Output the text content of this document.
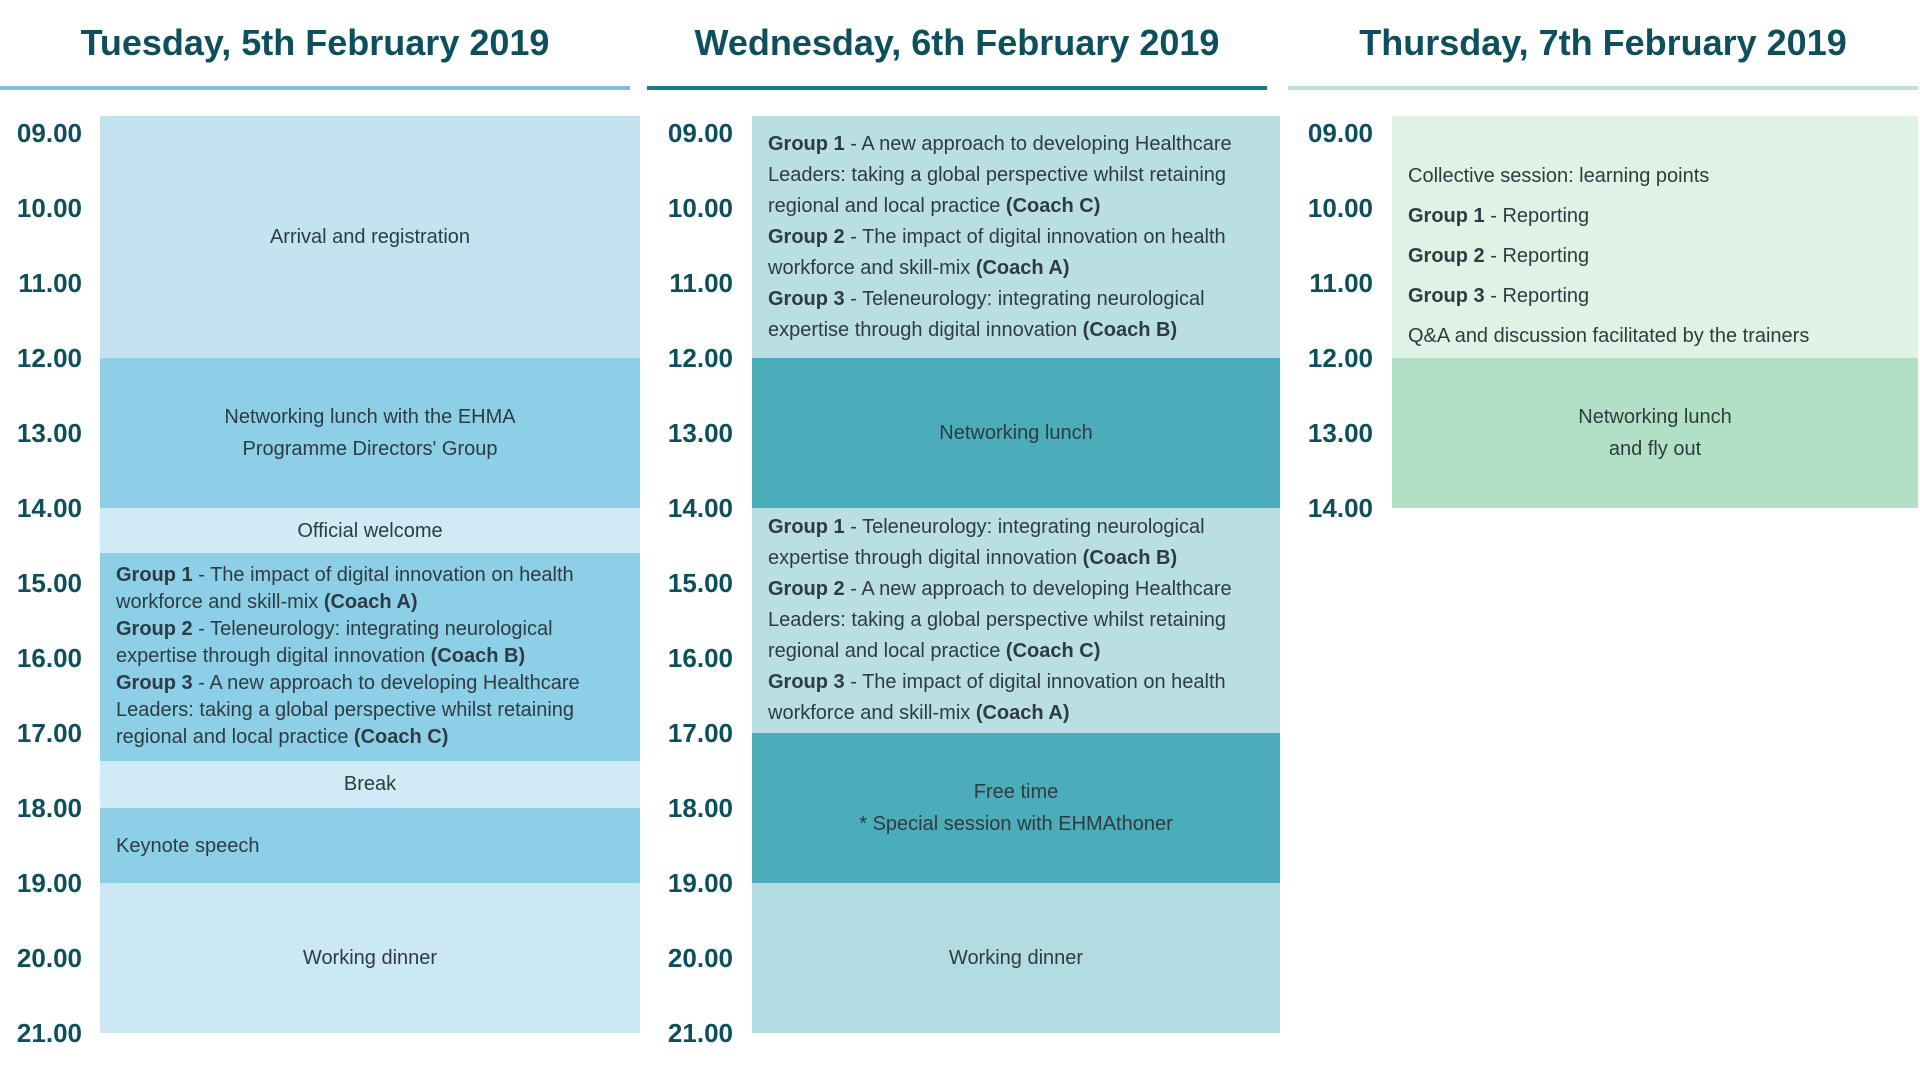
Tuesday, 5th February 2019
09.00
10.00
11.00
12.00
13.00
14.00
15.00
16.00
17.00
18.00
19.00
20.00
21.00
Arrival and registration
Networking lunch with the EHMA
Programme Directors' Group
Official welcome
Group 1 - The impact of digital innovation on health
workforce and skill-mix (Coach A)
Group 2 - Teleneurology: integrating neurological
expertise through digital innovation (Coach B)
Group 3 - A new approach to developing Healthcare
Leaders: taking a global perspective whilst retaining
regional and local practice (Coach C)
Break
Keynote speech
Working dinner
Wednesday, 6th February 2019
09.00
10.00
11.00
12.00
13.00
14.00
15.00
16.00
17.00
18.00
19.00
20.00
21.00
Group 1 - A new approach to developing Healthcare
Leaders: taking a global perspective whilst retaining
regional and local practice (Coach C)
Group 2 - The impact of digital innovation on health
workforce and skill-mix (Coach A)
Group 3 - Teleneurology: integrating neurological
expertise through digital innovation (Coach B)
Networking lunch
Group 1 - Teleneurology: integrating neurological
expertise through digital innovation (Coach B)
Group 2 - A new approach to developing Healthcare
Leaders: taking a global perspective whilst retaining
regional and local practice (Coach C)
Group 3 - The impact of digital innovation on health
workforce and skill-mix (Coach A)
Free time
* Special session with EHMAthoner
Working dinner
Thursday, 7th February 2019
09.00
10.00
11.00
12.00
13.00
14.00
Collective session: learning points
Group 1 - Reporting
Group 2 - Reporting
Group 3 - Reporting
Q&A and discussion facilitated by the trainers
Networking lunch
and fly out
